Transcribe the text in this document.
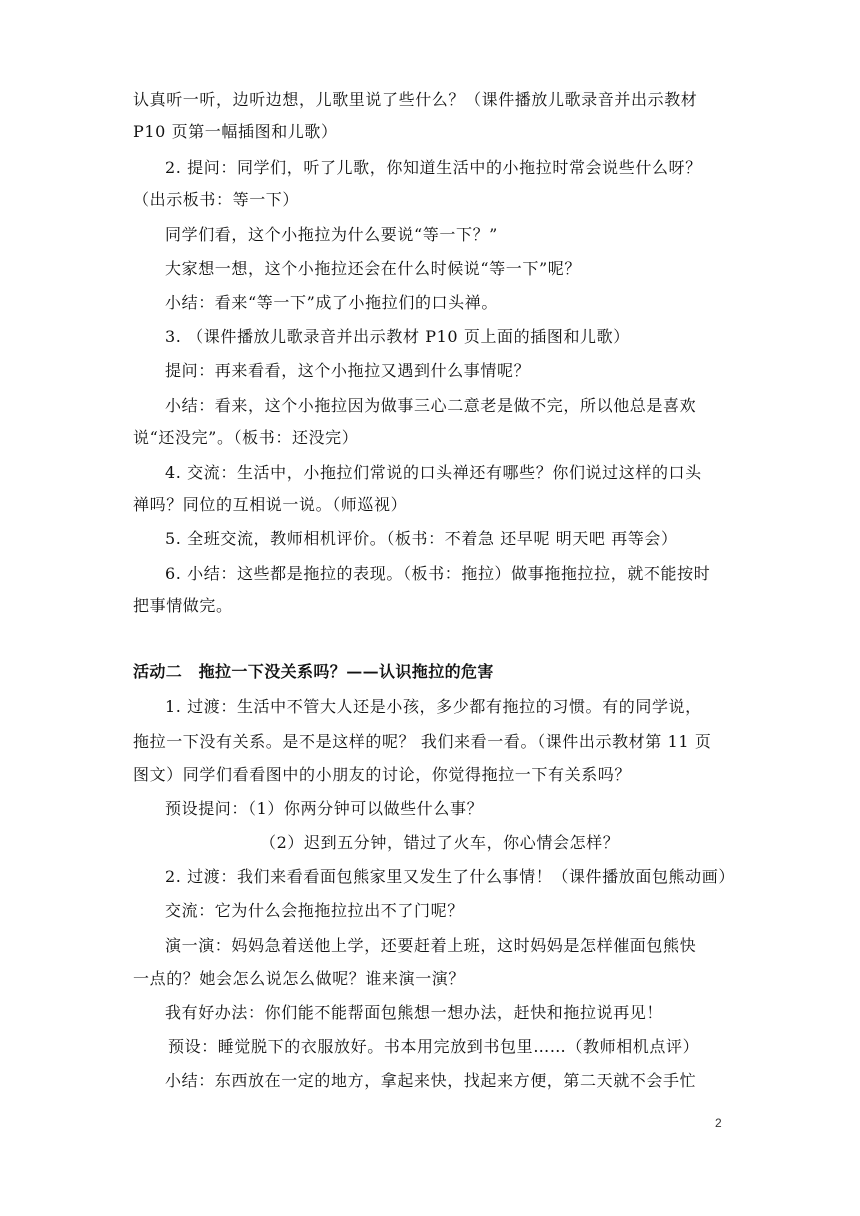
认真听一听，边听边想，儿歌里说了些什么？（课件播放儿歌录音并出示教材
P10 页第一幅插图和儿歌）
2. 提问：同学们，听了儿歌，你知道生活中的小拖拉时常会说些什么呀？
（出示板书：等一下）
同学们看，这个小拖拉为什么要说“等一下？”
大家想一想，这个小拖拉还会在什么时候说“等一下”呢？
小结：看来“等一下”成了小拖拉们的口头禅。
3. （课件播放儿歌录音并出示教材 P10 页上面的插图和儿歌）
提问：再来看看，这个小拖拉又遇到什么事情呢？
小结：看来，这个小拖拉因为做事三心二意老是做不完，所以他总是喜欢
说“还没完”。（板书：还没完）
4. 交流：生活中，小拖拉们常说的口头禅还有哪些？你们说过这样的口头
禅吗？同位的互相说一说。（师巡视）
5. 全班交流，教师相机评价。（板书：不着急 还早呢 明天吧 再等会）
6. 小结：这些都是拖拉的表现。（板书：拖拉）做事拖拖拉拉，就不能按时
把事情做完。
活动二　拖拉一下没关系吗？——认识拖拉的危害
1. 过渡：生活中不管大人还是小孩，多少都有拖拉的习惯。有的同学说，
拖拉一下没有关系。是不是这样的呢？ 我们来看一看。（课件出示教材第 11 页
图文）同学们看看图中的小朋友的讨论，你觉得拖拉一下有关系吗？
预设提问：（1）你两分钟可以做些什么事？
（2）迟到五分钟，错过了火车，你心情会怎样？
2. 过渡：我们来看看面包熊家里又发生了什么事情！（课件播放面包熊动画）
交流：它为什么会拖拖拉拉出不了门呢？
演一演：妈妈急着送他上学，还要赶着上班，这时妈妈是怎样催面包熊快
一点的？她会怎么说怎么做呢？谁来演一演？
我有好办法：你们能不能帮面包熊想一想办法，赶快和拖拉说再见！
预设：睡觉脱下的衣服放好。书本用完放到书包里……（教师相机点评）
小结：东西放在一定的地方，拿起来快，找起来方便，第二天就不会手忙
2
